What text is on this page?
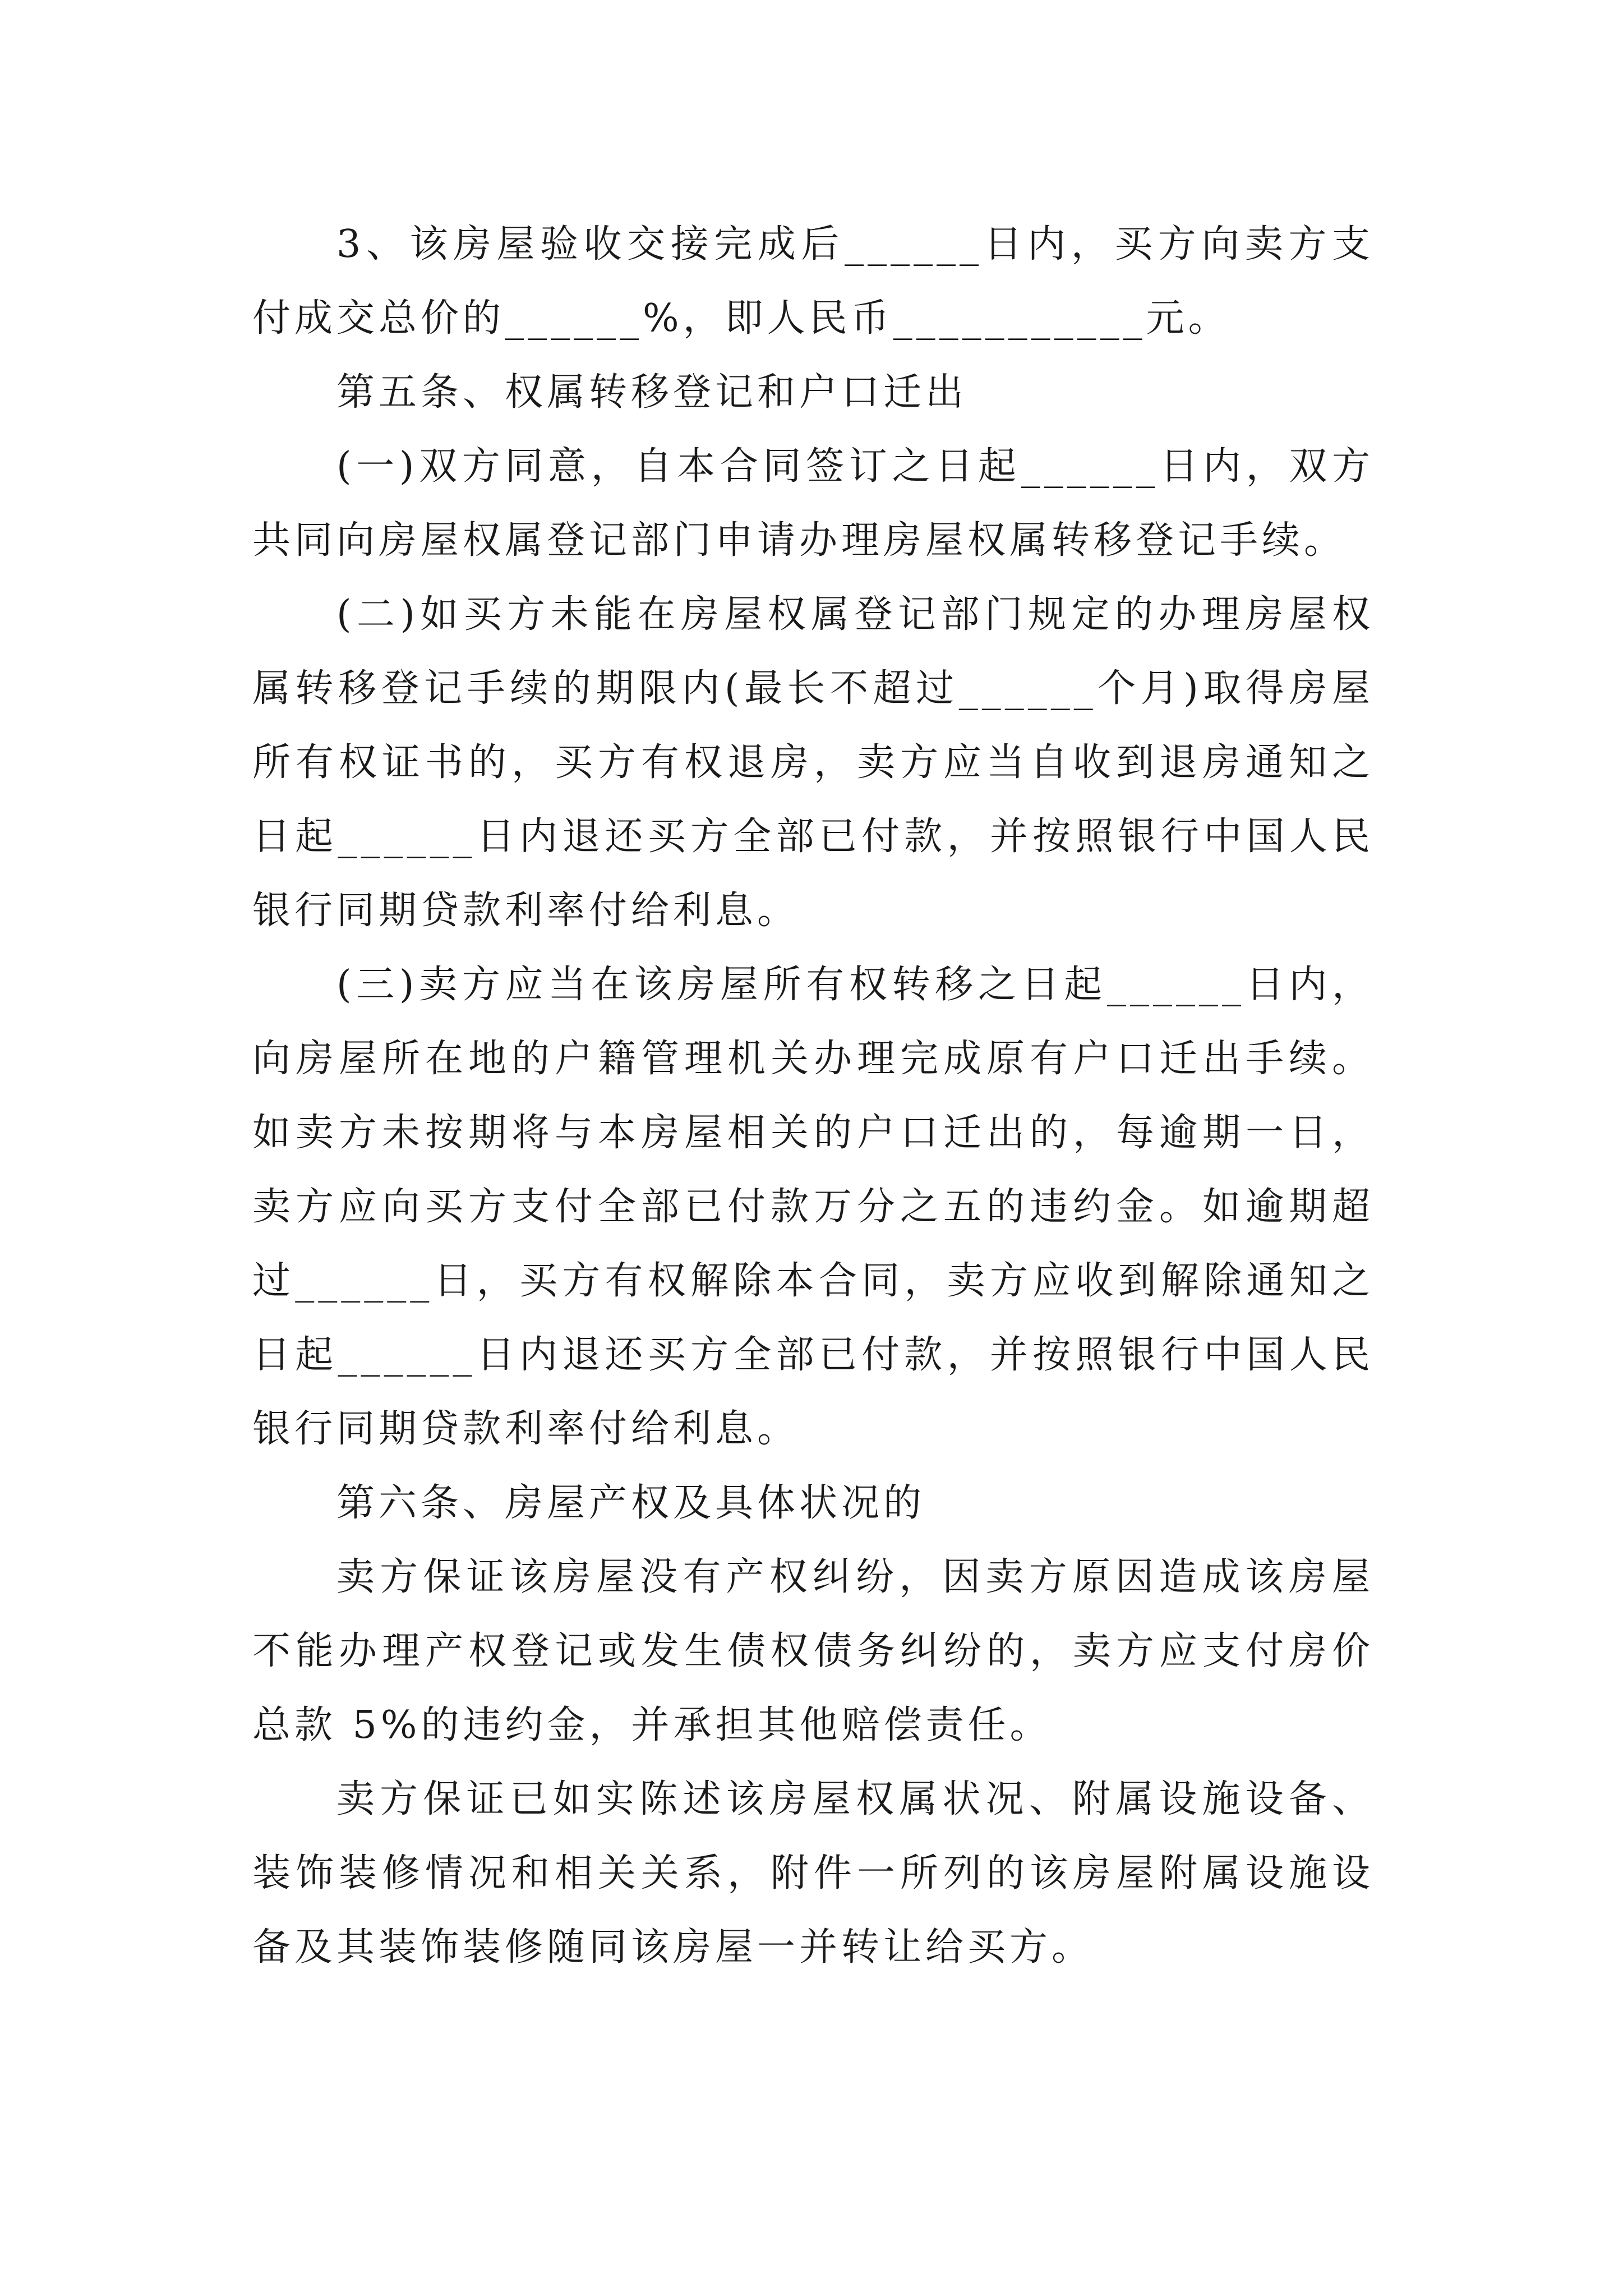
3、该房屋验收交接完成后______日内，买方向卖方支付成交总价的______%，即人民币___________元。

第五条、权属转移登记和户口迁出

(一)双方同意，自本合同签订之日起______日内，双方共同向房屋权属登记部门申请办理房屋权属转移登记手续。

(二)如买方未能在房屋权属登记部门规定的办理房屋权属转移登记手续的期限内(最长不超过______个月)取得房屋所有权证书的，买方有权退房，卖方应当自收到退房通知之日起______日内退还买方全部已付款，并按照银行中国人民银行同期贷款利率付给利息。

(三)卖方应当在该房屋所有权转移之日起______日内，向房屋所在地的户籍管理机关办理完成原有户口迁出手续。如卖方未按期将与本房屋相关的户口迁出的，每逾期一日，卖方应向买方支付全部已付款万分之五的违约金。如逾期超过______日，买方有权解除本合同，卖方应收到解除通知之日起______日内退还买方全部已付款，并按照银行中国人民银行同期贷款利率付给利息。

第六条、房屋产权及具体状况的

卖方保证该房屋没有产权纠纷，因卖方原因造成该房屋不能办理产权登记或发生债权债务纠纷的，卖方应支付房价总款 5%的违约金，并承担其他赔偿责任。

卖方保证已如实陈述该房屋权属状况、附属设施设备、装饰装修情况和相关关系，附件一所列的该房屋附属设施设备及其装饰装修随同该房屋一并转让给买方。
